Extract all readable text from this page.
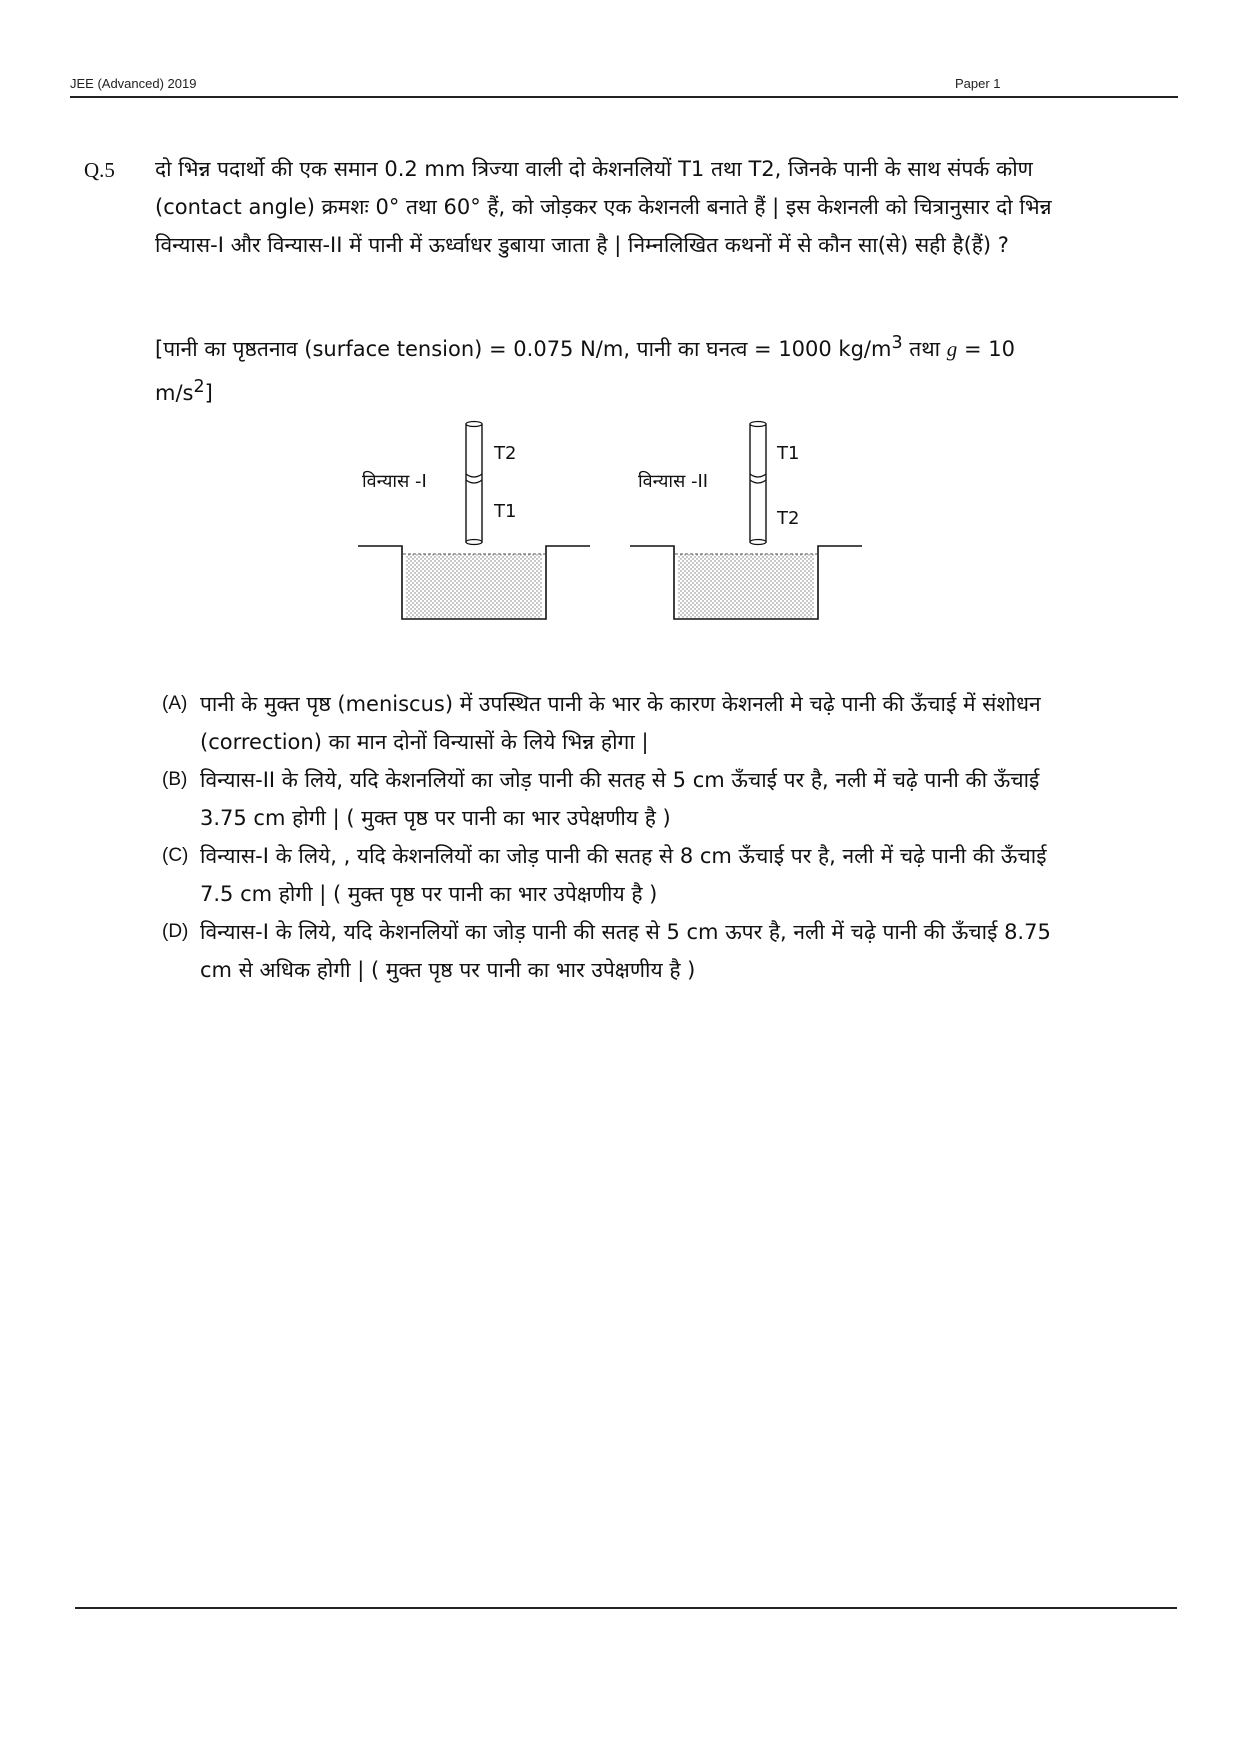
JEE (Advanced) 2019	Paper 1
Q.5 दो भिन्न पदार्थो की एक समान 0.2 mm त्रिज्या वाली दो केशनलियों T1 तथा T2, जिनके पानी के साथ संपर्क कोण (contact angle) क्रमशः 0° तथा 60° हैं, को जोड़कर एक केशनली बनाते हैं | इस केशनली को चित्रानुसार दो भिन्न विन्यास-I और विन्यास-II में पानी में ऊर्ध्वाधर डुबाया जाता है | निम्नलिखित कथनों में से कौन सा(से) सही है(हैं) ?

[पानी का पृष्ठतनाव (surface tension) = 0.075 N/m, पानी का घनत्व = 1000 $kg/m^3$ तथा g = 10 $m/s^2$]

विन्यास -I
T2
T1
विन्यास -II
T1
T2

(A) पानी के मुक्त पृष्ठ (meniscus) में उपस्थित पानी के भार के कारण केशनली मे चढ़े पानी की ऊँचाई में संशोधन (correction) का मान दोनों विन्यासों के लिये भिन्न होगा |

(B) विन्यास-II के लिये, यदि केशनलियों का जोड़ पानी की सतह से 5 cm ऊँचाई पर है, नली में चढ़े पानी की ऊँचाई 3.75 cm होगी | ( मुक्त पृष्ठ पर पानी का भार उपेक्षणीय है )

(C) विन्यास-I के लिये, , यदि केशनलियों का जोड़ पानी की सतह से 8 cm ऊँचाई पर है, नली में चढ़े पानी की ऊँचाई 7.5 cm होगी | ( मुक्त पृष्ठ पर पानी का भार उपेक्षणीय है )

(D) विन्यास-I के लिये, यदि केशनलियों का जोड़ पानी की सतह से 5 cm ऊपर है, नली में चढ़े पानी की ऊँचाई 8.75 cm से अधिक होगी | ( मुक्त पृष्ठ पर पानी का भार उपेक्षणीय है )
